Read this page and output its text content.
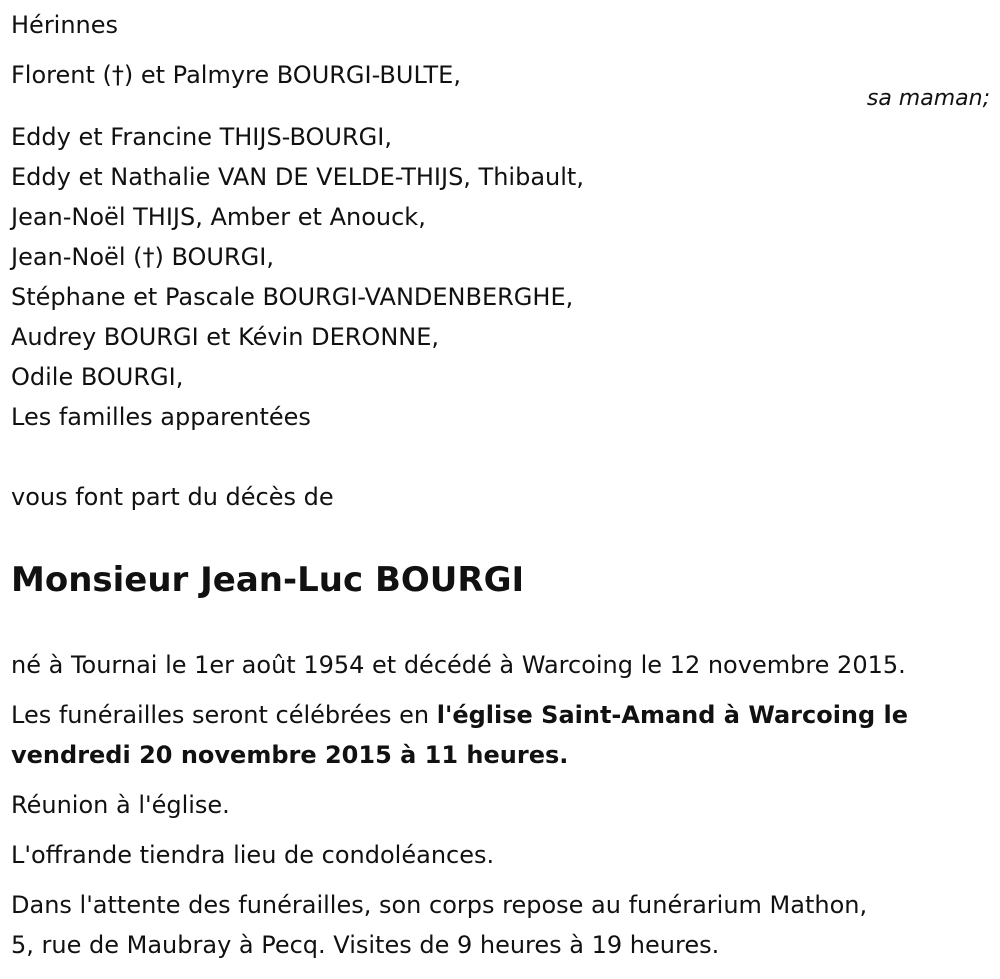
Hérinnes

Florent (†) et Palmyre BOURGI-BULTE,

sa maman;

Eddy et Francine THIJS-BOURGI,

Eddy et Nathalie VAN DE VELDE-THIJS, Thibault,

Jean-Noël THIJS, Amber et Anouck,

Jean-Noël (†) BOURGI,

Stéphane et Pascale BOURGI-VANDENBERGHE,

Audrey BOURGI et Kévin DERONNE,

Odile BOURGI,

Les familles apparentées

vous font part du décès de

Monsieur Jean-Luc BOURGI

né à Tournai le 1er août 1954 et décédé à Warcoing le 12 novembre 2015.

Les funérailles seront célébrées en l'église Saint-Amand à Warcoing le

vendredi 20 novembre 2015 à 11 heures.

Réunion à l'église.

L'offrande tiendra lieu de condoléances.

Dans l'attente des funérailles, son corps repose au funérarium Mathon,

5, rue de Maubray à Pecq. Visites de 9 heures à 19 heures.
